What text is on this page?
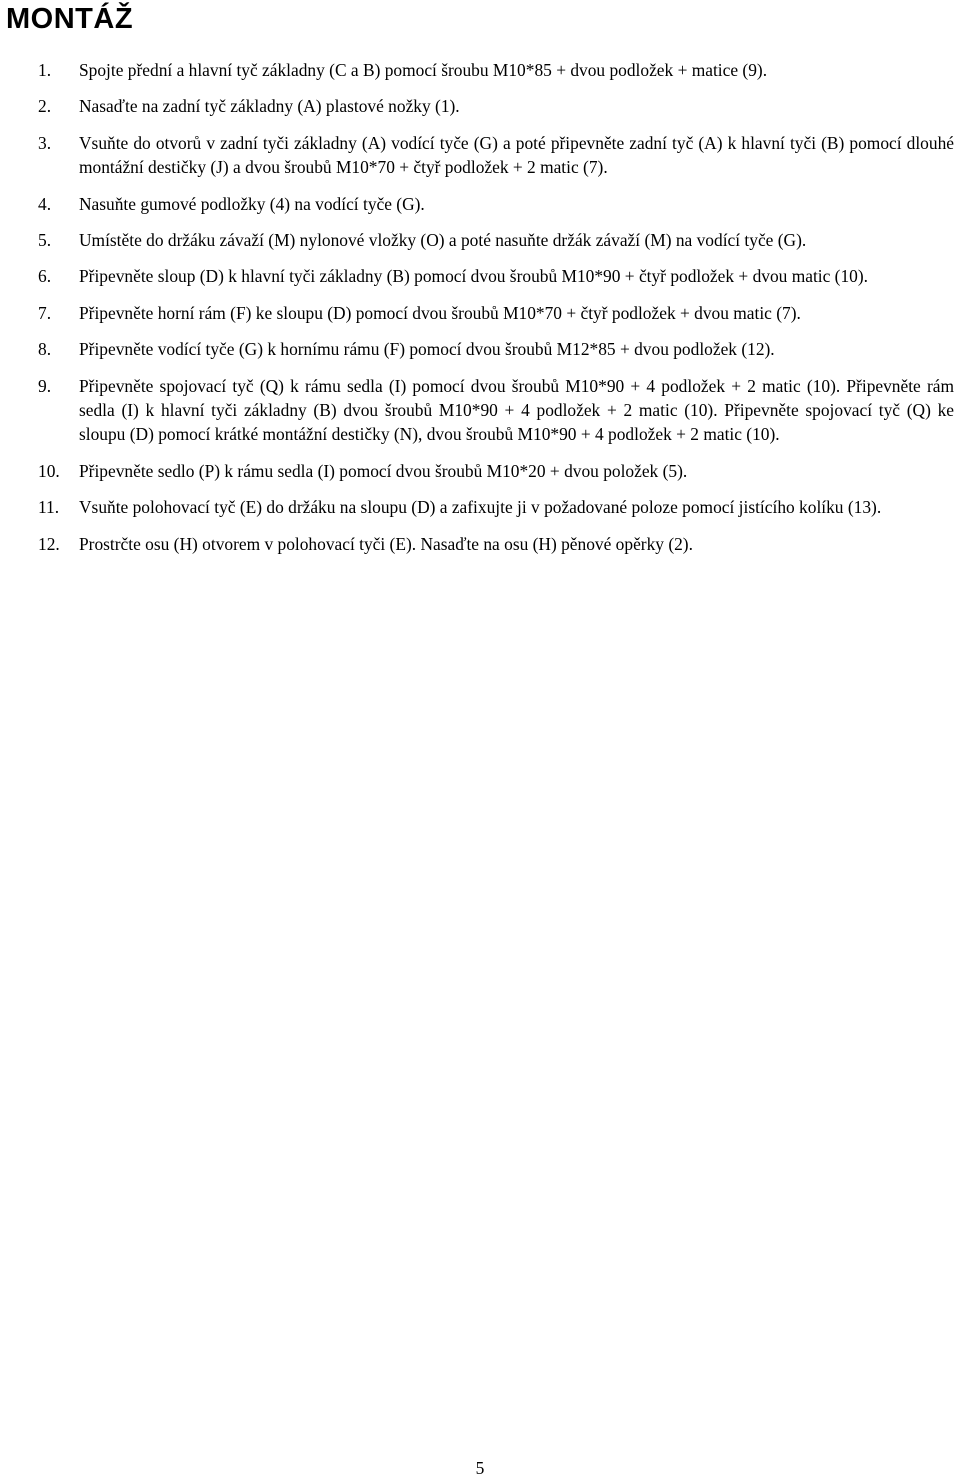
MONTÁŽ
1. Spojte přední a hlavní tyč základny (C a B) pomocí šroubu M10*85 + dvou podložek + matice (9).
2. Nasaďte na zadní tyč základny (A) plastové nožky (1).
3. Vsuňte do otvorů v zadní tyči základny (A) vodící tyče (G) a poté připevněte zadní tyč (A) k hlavní tyči (B) pomocí dlouhé montážní destičky (J) a dvou šroubů M10*70 + čtyř podložek + 2 matic (7).
4. Nasuňte gumové podložky (4) na vodící tyče (G).
5. Umístěte do držáku závaží (M) nylonové vložky (O) a poté nasuňte držák závaží (M) na vodící tyče (G).
6. Připevněte sloup (D) k hlavní tyči základny (B) pomocí dvou šroubů M10*90 + čtyř podložek + dvou matic (10).
7. Připevněte horní rám (F) ke sloupu (D) pomocí dvou šroubů M10*70 + čtyř podložek + dvou matic (7).
8. Připevněte vodící tyče (G) k hornímu rámu (F) pomocí dvou šroubů M12*85 + dvou podložek (12).
9. Připevněte spojovací tyč (Q) k rámu sedla (I) pomocí dvou šroubů M10*90 + 4 podložek + 2 matic (10). Připevněte rám sedla (I) k hlavní tyči základny (B) dvou šroubů M10*90 + 4 podložek + 2 matic (10). Připevněte spojovací tyč (Q) ke sloupu (D) pomocí krátké montážní destičky (N), dvou šroubů M10*90 + 4 podložek + 2 matic (10).
10. Připevněte sedlo (P) k rámu sedla (I) pomocí dvou šroubů M10*20 + dvou položek (5).
11. Vsuňte polohovací tyč (E) do držáku na sloupu (D) a zafixujte ji v požadované poloze pomocí jistícího kolíku (13).
12. Prostrčte osu (H) otvorem v polohovací tyči (E). Nasaďte na osu (H) pěnové opěrky (2).

5
